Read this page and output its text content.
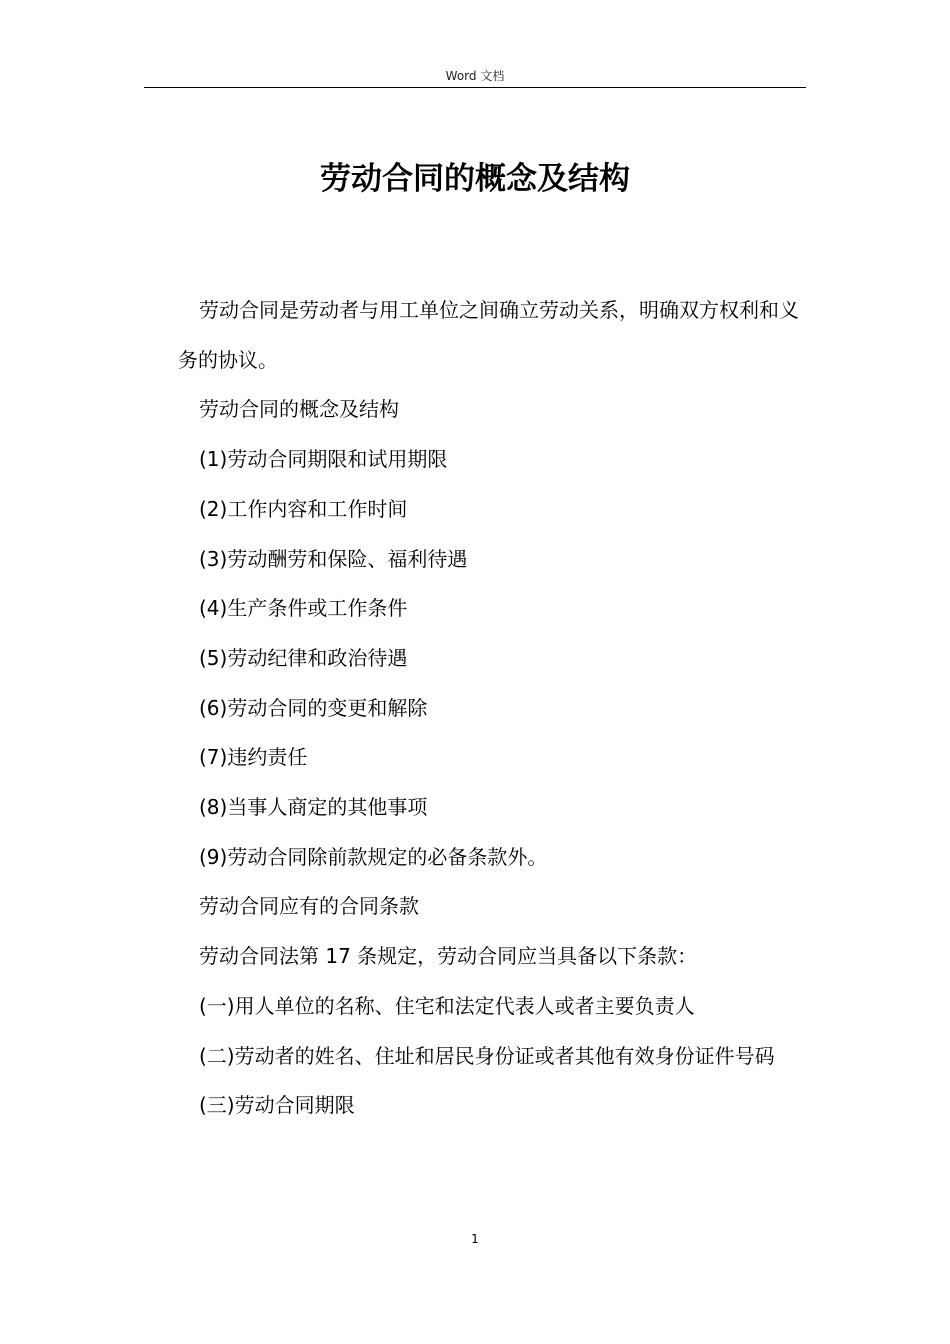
Word 文档
劳动合同的概念及结构

劳动合同是劳动者与用工单位之间确立劳动关系，明确双方权利和义务的协议。

劳动合同的概念及结构

(1)劳动合同期限和试用期限

(2)工作内容和工作时间

(3)劳动酬劳和保险、福利待遇

(4)生产条件或工作条件

(5)劳动纪律和政治待遇

(6)劳动合同的变更和解除

(7)违约责任

(8)当事人商定的其他事项

(9)劳动合同除前款规定的必备条款外。

劳动合同应有的合同条款

劳动合同法第 17 条规定，劳动合同应当具备以下条款：

(一)用人单位的名称、住宅和法定代表人或者主要负责人

(二)劳动者的姓名、住址和居民身份证或者其他有效身份证件号码

(三)劳动合同期限

1
